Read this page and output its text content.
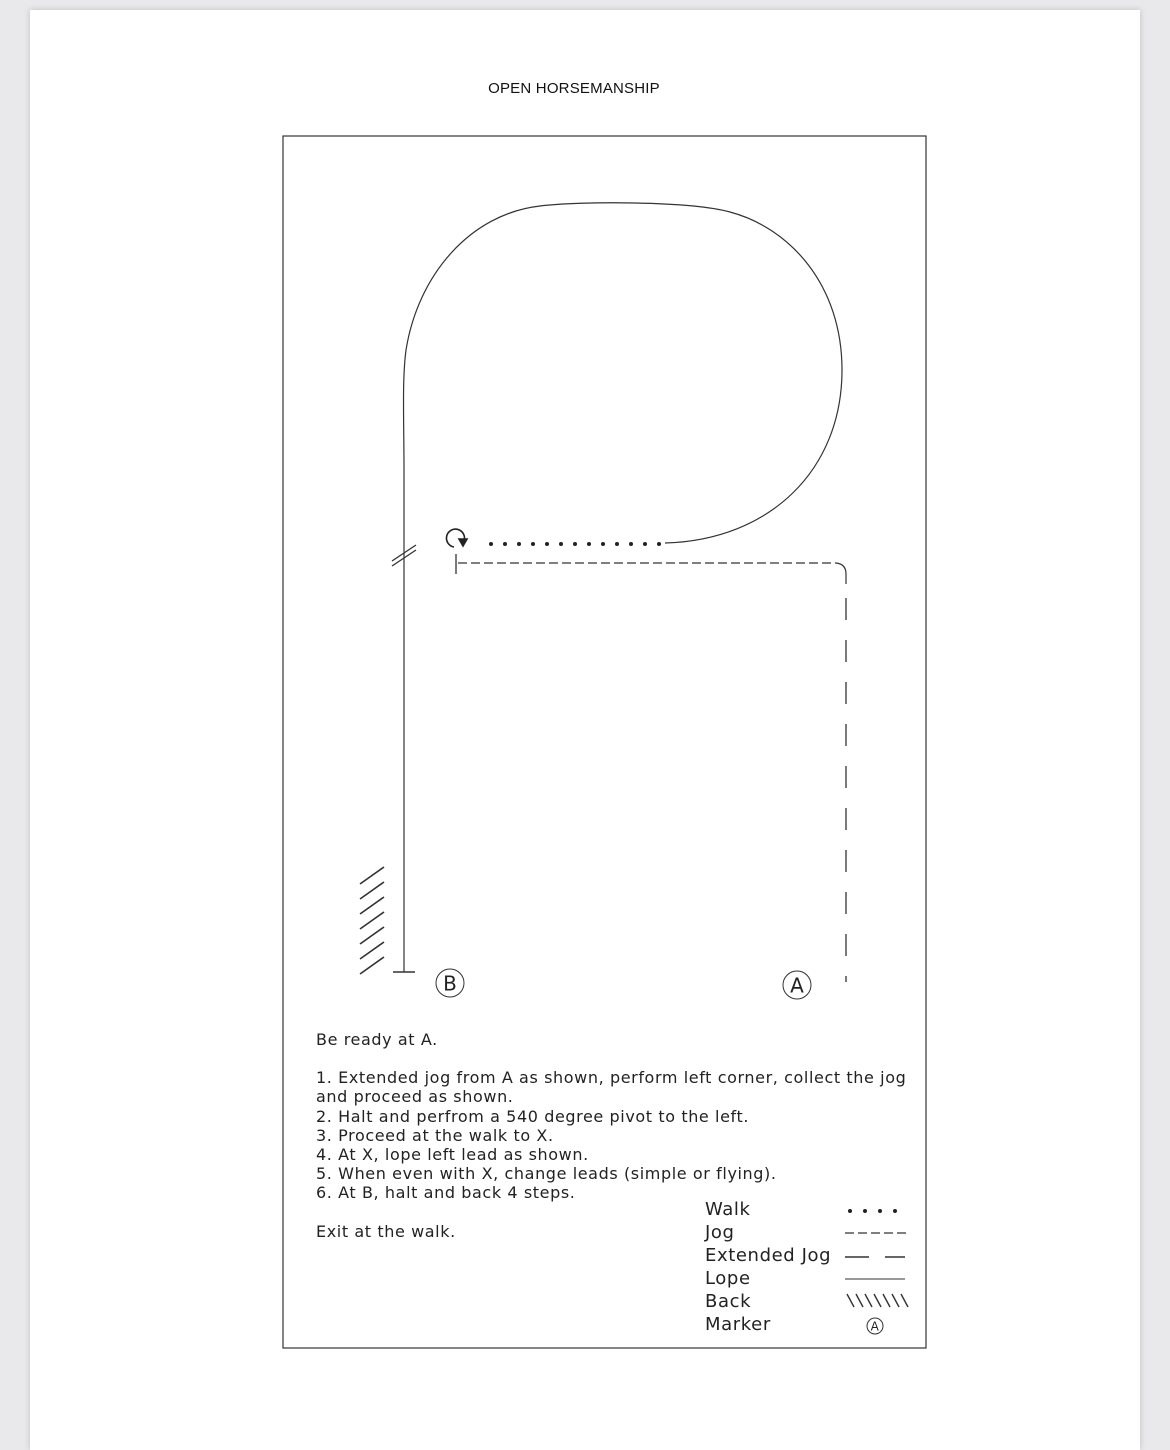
OPEN HORSEMANSHIP
B	A

Be ready at A.

1. Extended jog from A as shown, perform left corner, collect the jog and proceed as shown.
2. Halt and perfrom a 540 degree pivot to the left.
3. Proceed at the walk to X.
4. At X, lope left lead as shown.
5. When even with X, change leads (simple or flying).
6. At B, halt and back 4 steps.

Exit at the walk.

Walk
Jog
Extended Jog
Lope
Back
Marker	A
